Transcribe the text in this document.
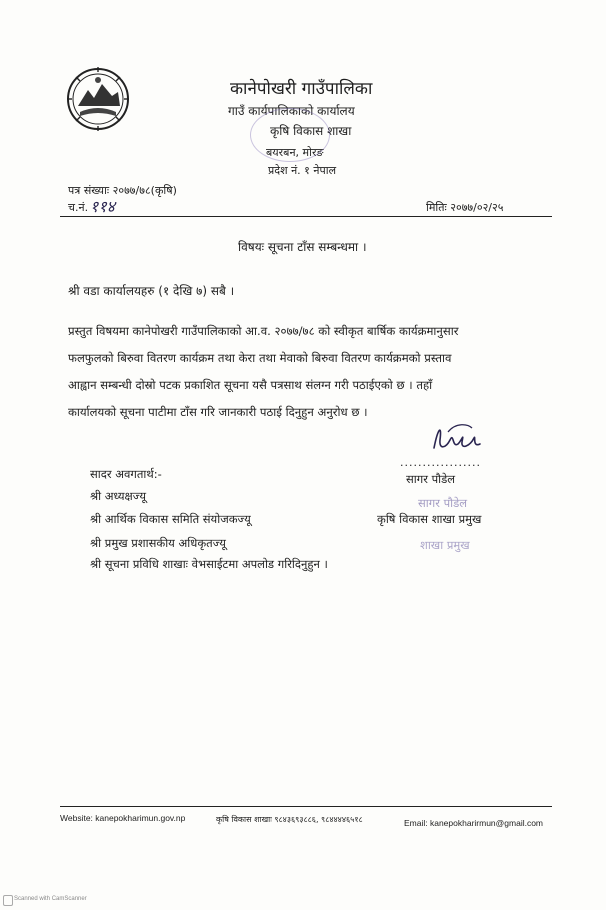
कानेपोखरी गाउँपालिका
गाउँ कार्यपालिकाको कार्यालय
कृषि विकास शाखा
बयरबन, मोरङ
प्रदेश नं. १ नेपाल
पत्र संख्याः २०७७/७८(कृषि)
च.नं. ११४	मितिः २०७७/०२/२५
विषयः सूचना टाँस सम्बन्धमा ।
श्री वडा कार्यालयहरु (१ देखि ७) सबै ।
प्रस्तुत विषयमा कानेपोखरी गाउँपालिकाको आ.व. २०७७/७८ को स्वीकृत बार्षिक कार्यक्रमानुसार
फलफुलको बिरुवा वितरण कार्यक्रम तथा केरा तथा मेवाको बिरुवा वितरण कार्यक्रमको प्रस्ताव
आह्वान सम्बन्धी दोस्रो पटक प्रकाशित सूचना यसै पत्रसाथ संलग्न गरी पठाईएको छ । तहाँ
कार्यालयको सूचना पाटीमा टाँस गरि जानकारी पठाई दिनुहुन अनुरोध छ ।
..................
सागर पौडेल
सागर पौडेल
कृषि विकास शाखा प्रमुख
शाखा प्रमुख
सादर अवगतार्थ:-
श्री अध्यक्षज्यू
श्री आर्थिक विकास समिति संयोजकज्यू
श्री प्रमुख प्रशासकीय अधिकृतज्यू
श्री सूचना प्रविधि शाखाः वेभसाईटमा अपलोड गरिदिनुहुन ।
Website: kanepokharimun.gov.np	कृषि विकास शाखाः ९८४३६९३८८६, ९८४४४४६५१८	Email: kanepokharirmun@gmail.com
Scanned with CamScanner
